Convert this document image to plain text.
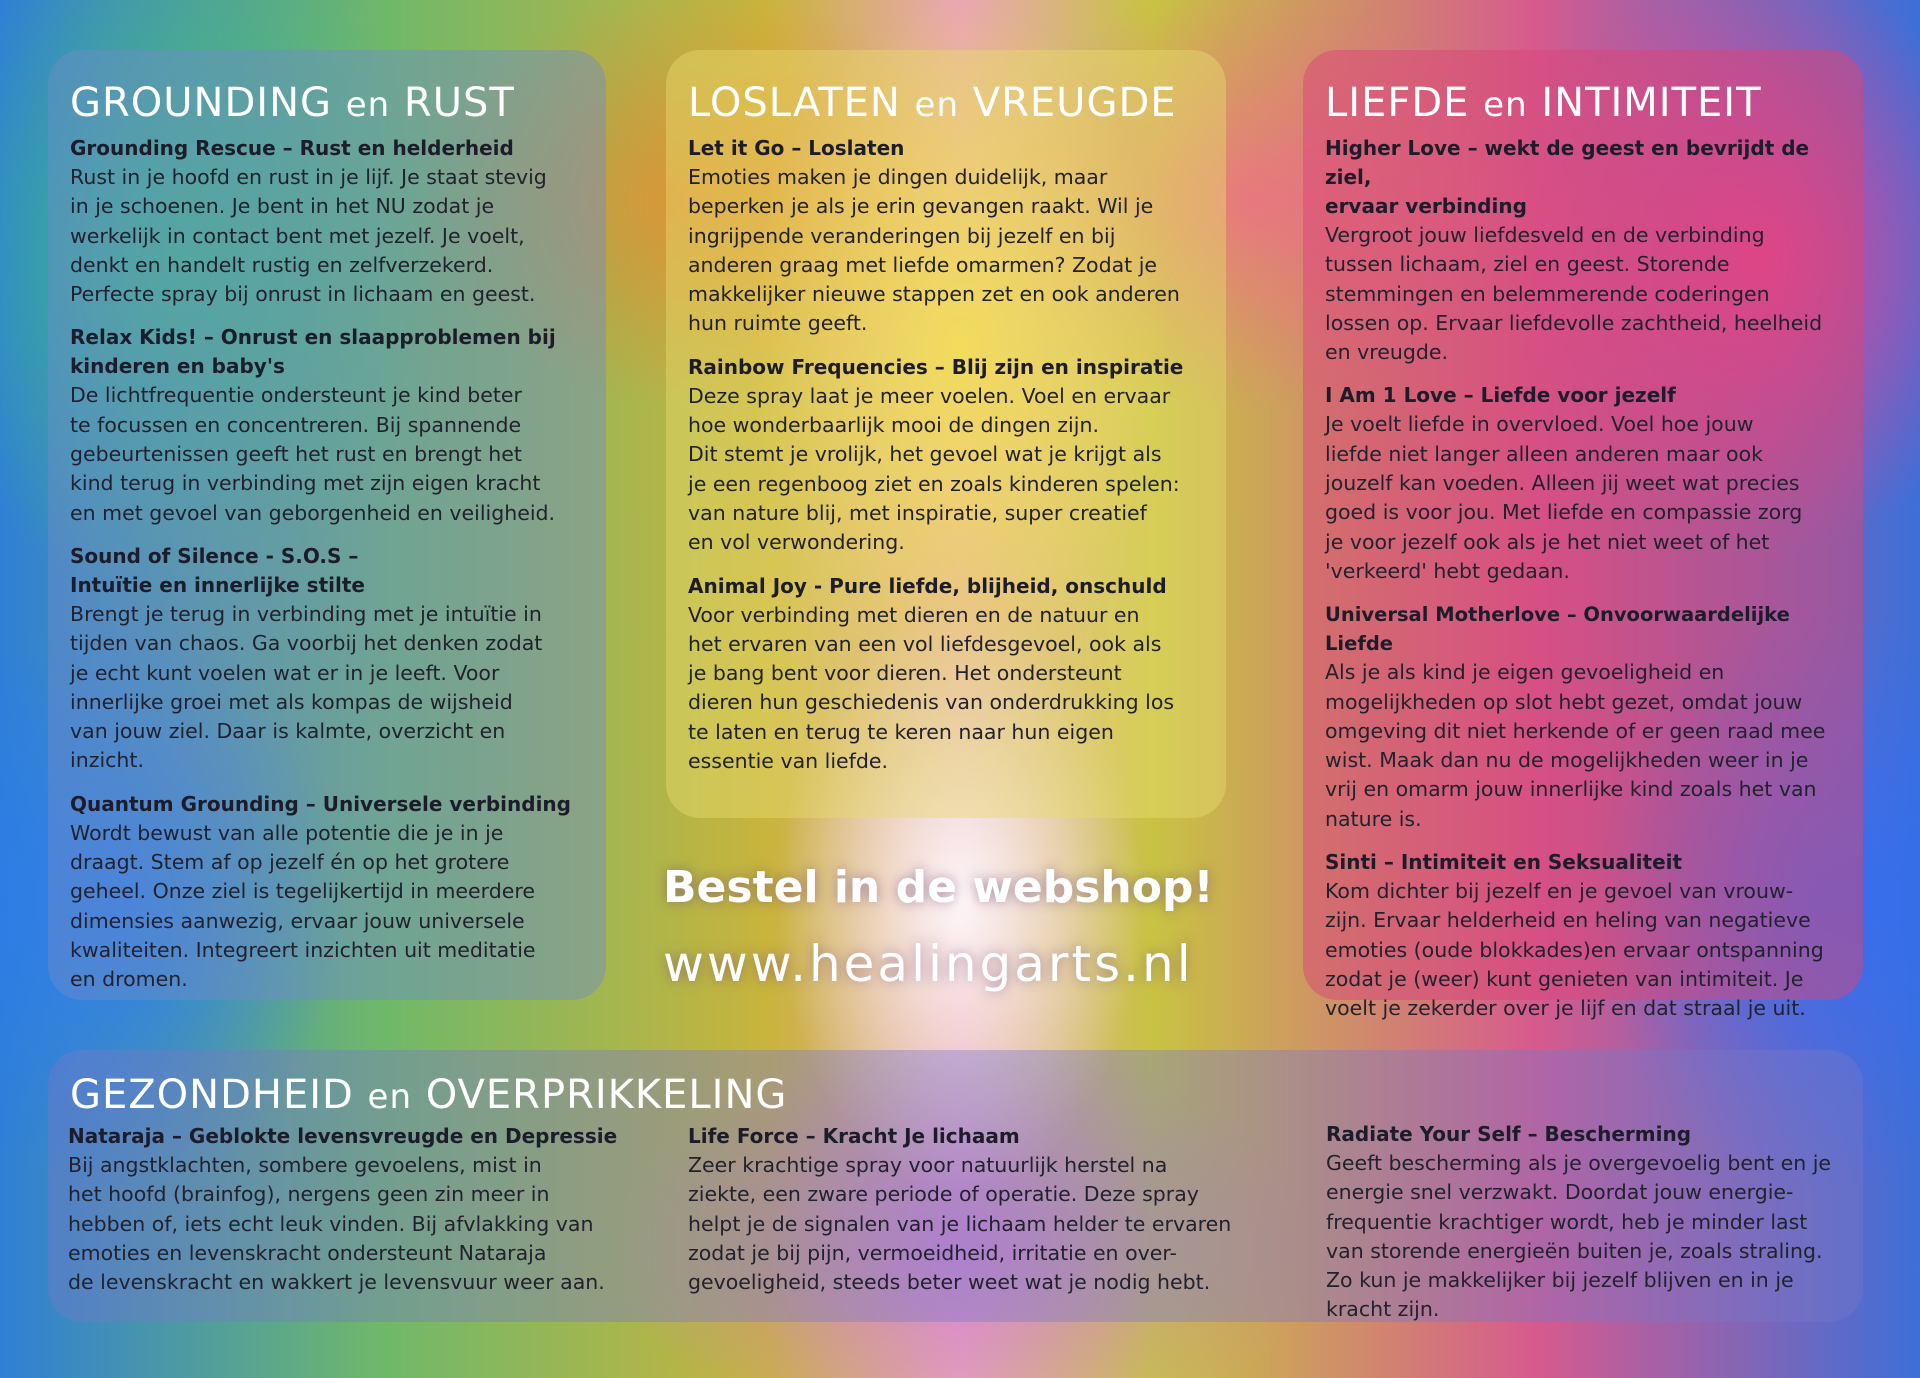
GROUNDING en RUST
Grounding Rescue – Rust en helderheid
Rust in je hoofd en rust in je lijf. Je staat stevig
in je schoenen. Je bent in het NU zodat je
werkelijk in contact bent met jezelf. Je voelt,
denkt en handelt rustig en zelfverzekerd.
Perfecte spray bij onrust in lichaam en geest.
Relax Kids! – Onrust en slaapproblemen bij
kinderen en baby's
De lichtfrequentie ondersteunt je kind beter
te focussen en concentreren. Bij spannende
gebeurtenissen geeft het rust en brengt het
kind terug in verbinding met zijn eigen kracht
en met gevoel van geborgenheid en veiligheid.
Sound of Silence - S.O.S –
Intuïtie en innerlijke stilte
Brengt je terug in verbinding met je intuïtie in
tijden van chaos. Ga voorbij het denken zodat
je echt kunt voelen wat er in je leeft. Voor
innerlijke groei met als kompas de wijsheid
van jouw ziel. Daar is kalmte, overzicht en
inzicht.
Quantum Grounding – Universele verbinding
Wordt bewust van alle potentie die je in je
draagt. Stem af op jezelf én op het grotere
geheel. Onze ziel is tegelijkertijd in meerdere
dimensies aanwezig, ervaar jouw universele
kwaliteiten. Integreert inzichten uit meditatie
en dromen.
LOSLATEN en VREUGDE
Let it Go – Loslaten
Emoties maken je dingen duidelijk, maar
beperken je als je erin gevangen raakt. Wil je
ingrijpende veranderingen bij jezelf en bij
anderen graag met liefde omarmen? Zodat je
makkelijker nieuwe stappen zet en ook anderen
hun ruimte geeft.
Rainbow Frequencies – Blij zijn en inspiratie
Deze spray laat je meer voelen. Voel en ervaar
hoe wonderbaarlijk mooi de dingen zijn.
Dit stemt je vrolijk, het gevoel wat je krijgt als
je een regenboog ziet en zoals kinderen spelen:
van nature blij, met inspiratie, super creatief
en vol verwondering.
Animal Joy - Pure liefde, blijheid, onschuld
Voor verbinding met dieren en de natuur en
het ervaren van een vol liefdesgevoel, ook als
je bang bent voor dieren. Het ondersteunt
dieren hun geschiedenis van onderdrukking los
te laten en terug te keren naar hun eigen
essentie van liefde.
LIEFDE en INTIMITEIT
Higher Love – wekt de geest en bevrijdt de ziel,
ervaar verbinding
Vergroot jouw liefdesveld en de verbinding
tussen lichaam, ziel en geest. Storende
stemmingen en belemmerende coderingen
lossen op. Ervaar liefdevolle zachtheid, heelheid
en vreugde.
I Am 1 Love – Liefde voor jezelf
Je voelt liefde in overvloed. Voel hoe jouw
liefde niet langer alleen anderen maar ook
jouzelf kan voeden. Alleen jij weet wat precies
goed is voor jou. Met liefde en compassie zorg
je voor jezelf ook als je het niet weet of het
'verkeerd' hebt gedaan.
Universal Motherlove – Onvoorwaardelijke Liefde
Als je als kind je eigen gevoeligheid en
mogelijkheden op slot hebt gezet, omdat jouw
omgeving dit niet herkende of er geen raad mee
wist. Maak dan nu de mogelijkheden weer in je
vrij en omarm jouw innerlijke kind zoals het van
nature is.
Sinti – Intimiteit en Seksualiteit
Kom dichter bij jezelf en je gevoel van vrouw-
zijn. Ervaar helderheid en heling van negatieve
emoties (oude blokkades)en ervaar ontspanning
zodat je (weer) kunt genieten van intimiteit. Je
voelt je zekerder over je lijf en dat straal je uit.
Bestel in de webshop!
www.healingarts.nl
GEZONDHEID en OVERPRIKKELING
Nataraja – Geblokte levensvreugde en Depressie
Bij angstklachten, sombere gevoelens, mist in
het hoofd (brainfog), nergens geen zin meer in
hebben of, iets echt leuk vinden. Bij afvlakking van
emoties en levenskracht ondersteunt Nataraja
de levenskracht en wakkert je levensvuur weer aan.
Life Force – Kracht Je lichaam
Zeer krachtige spray voor natuurlijk herstel na
ziekte, een zware periode of operatie. Deze spray
helpt je de signalen van je lichaam helder te ervaren
zodat je bij pijn, vermoeidheid, irritatie en over-
gevoeligheid, steeds beter weet wat je nodig hebt.
Radiate Your Self – Bescherming
Geeft bescherming als je overgevoelig bent en je
energie snel verzwakt. Doordat jouw energie-
frequentie krachtiger wordt, heb je minder last
van storende energieën buiten je, zoals straling.
Zo kun je makkelijker bij jezelf blijven en in je
kracht zijn.
